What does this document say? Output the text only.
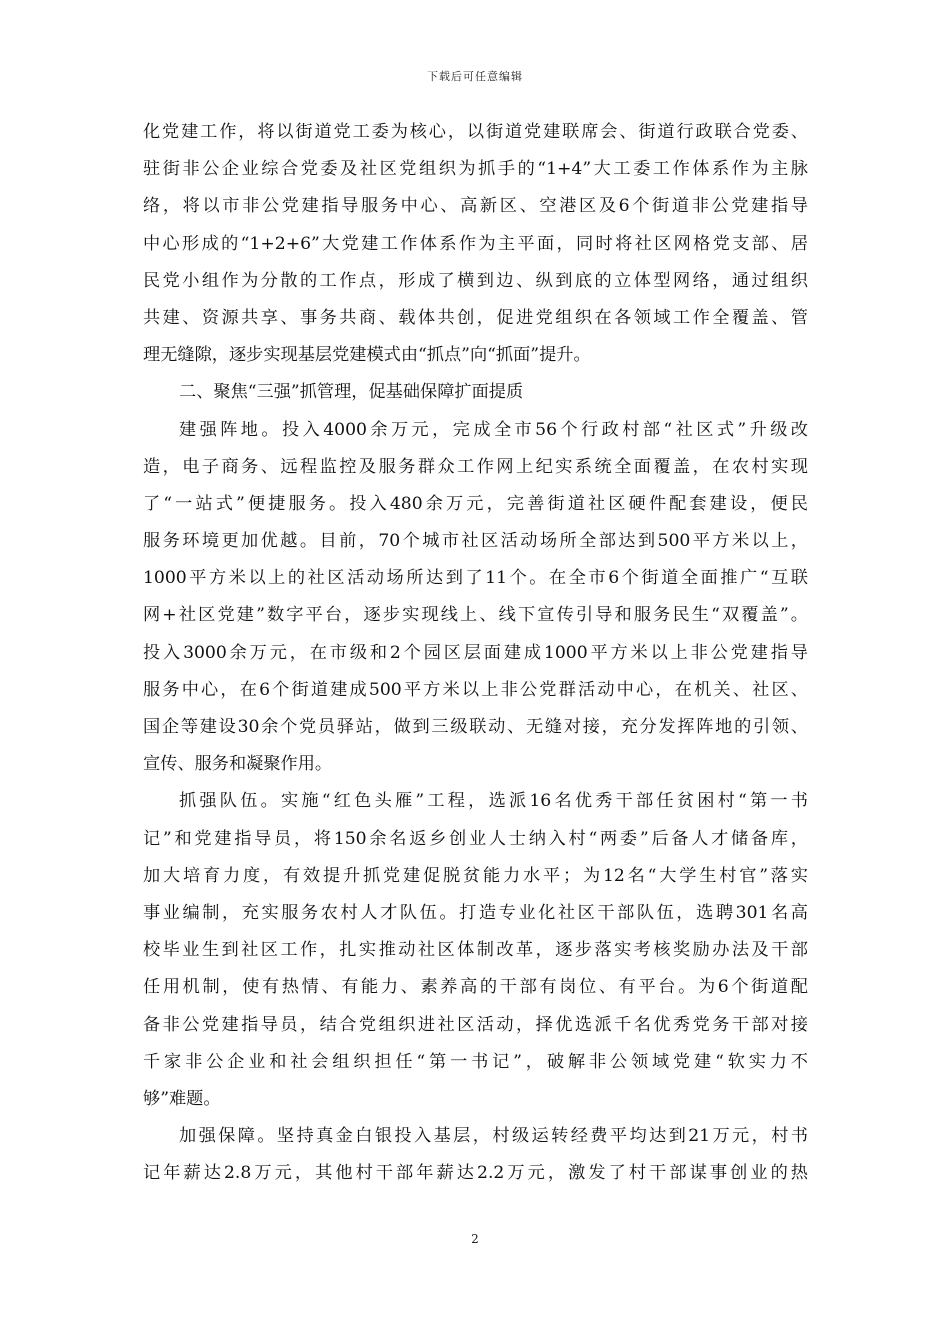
下载后可任意编辑
化党建工作，将以街道党工委为核心，以街道党建联席会、街道行政联合党委、
驻街非公企业综合党委及社区党组织为抓手的“1+4”大工委工作体系作为主脉
络，将以市非公党建指导服务中心、高新区、空港区及6个街道非公党建指导
中心形成的“1+2+6”大党建工作体系作为主平面，同时将社区网格党支部、居
民党小组作为分散的工作点，形成了横到边、纵到底的立体型网络，通过组织
共建、资源共享、事务共商、载体共创，促进党组织在各领域工作全覆盖、管
理无缝隙，逐步实现基层党建模式由“抓点”向“抓面”提升。
二、聚焦“三强”抓管理，促基础保障扩面提质
建强阵地。投入4000余万元，完成全市56个行政村部“社区式”升级改
造，电子商务、远程监控及服务群众工作网上纪实系统全面覆盖，在农村实现
了“一站式”便捷服务。投入480余万元，完善街道社区硬件配套建设，便民
服务环境更加优越。目前，70个城市社区活动场所全部达到500平方米以上，
1000平方米以上的社区活动场所达到了11个。在全市6个街道全面推广“互联
网+社区党建”数字平台，逐步实现线上、线下宣传引导和服务民生“双覆盖”。
投入3000余万元，在市级和2个园区层面建成1000平方米以上非公党建指导
服务中心，在6个街道建成500平方米以上非公党群活动中心，在机关、社区、
国企等建设30余个党员驿站，做到三级联动、无缝对接，充分发挥阵地的引领、
宣传、服务和凝聚作用。
抓强队伍。实施“红色头雁”工程，选派16名优秀干部任贫困村“第一书
记”和党建指导员，将150余名返乡创业人士纳入村“两委”后备人才储备库，
加大培育力度，有效提升抓党建促脱贫能力水平；为12名“大学生村官”落实
事业编制，充实服务农村人才队伍。打造专业化社区干部队伍，选聘301名高
校毕业生到社区工作，扎实推动社区体制改革，逐步落实考核奖励办法及干部
任用机制，使有热情、有能力、素养高的干部有岗位、有平台。为6个街道配
备非公党建指导员，结合党组织进社区活动，择优选派千名优秀党务干部对接
千家非公企业和社会组织担任“第一书记”，破解非公领域党建“软实力不
够”难题。
加强保障。坚持真金白银投入基层，村级运转经费平均达到21万元，村书
记年薪达2.8万元，其他村干部年薪达2.2万元，激发了村干部谋事创业的热
2
